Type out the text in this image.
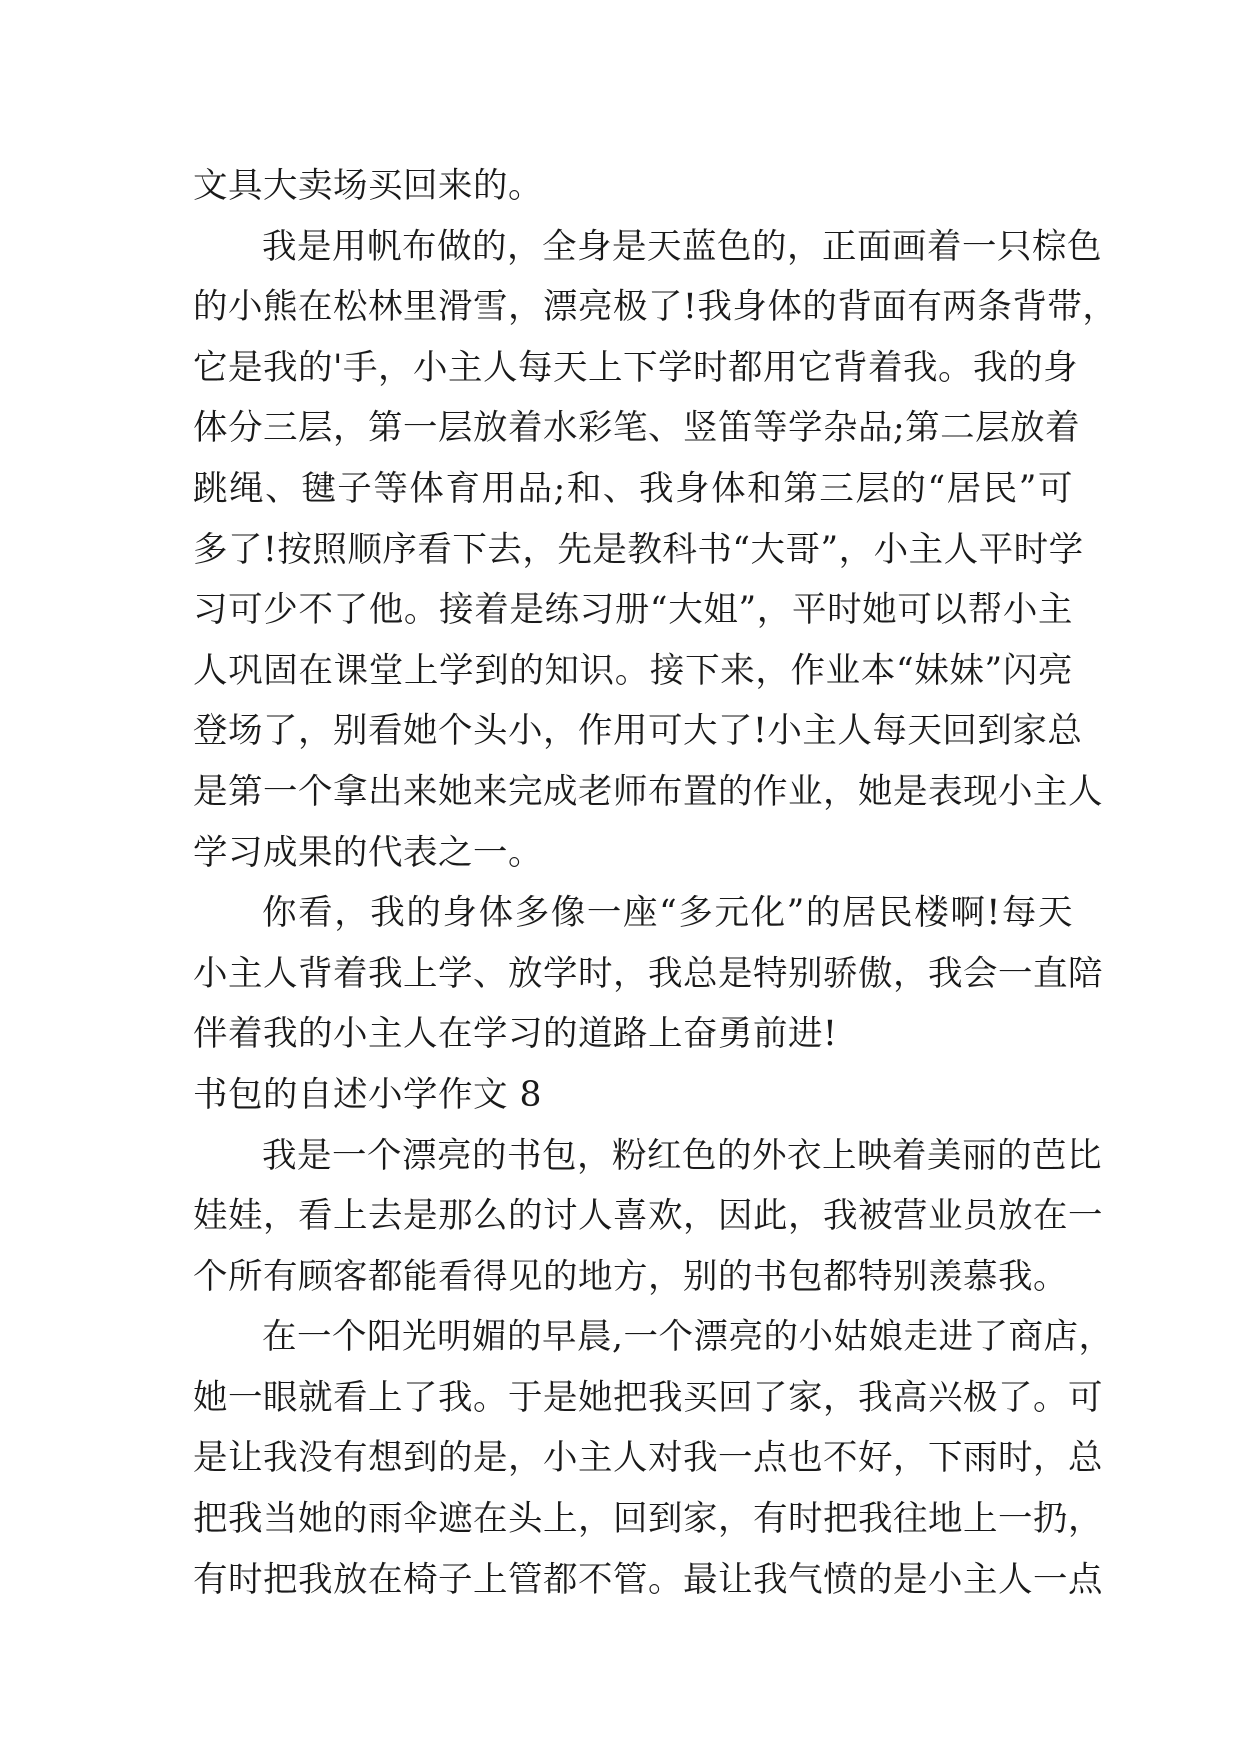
文具大卖场买回来的。
我是用帆布做的，全身是天蓝色的，正面画着一只棕色
的小熊在松林里滑雪，漂亮极了!我身体的背面有两条背带，
它是我的'手，小主人每天上下学时都用它背着我。我的身
体分三层，第一层放着水彩笔、竖笛等学杂品;第二层放着
跳绳、毽子等体育用品;和、我身体和第三层的“居民”可
多了!按照顺序看下去，先是教科书“大哥”，小主人平时学
习可少不了他。接着是练习册“大姐”，平时她可以帮小主
人巩固在课堂上学到的知识。接下来，作业本“妹妹”闪亮
登场了，别看她个头小，作用可大了!小主人每天回到家总
是第一个拿出来她来完成老师布置的作业，她是表现小主人
学习成果的代表之一。
你看，我的身体多像一座“多元化”的居民楼啊!每天
小主人背着我上学、放学时，我总是特别骄傲，我会一直陪
伴着我的小主人在学习的道路上奋勇前进!
书包的自述小学作文 8
我是一个漂亮的书包，粉红色的外衣上映着美丽的芭比
娃娃，看上去是那么的讨人喜欢，因此，我被营业员放在一
个所有顾客都能看得见的地方，别的书包都特别羡慕我。
在一个阳光明媚的早晨,一个漂亮的小姑娘走进了商店，
她一眼就看上了我。于是她把我买回了家，我高兴极了。可
是让我没有想到的是，小主人对我一点也不好，下雨时，总
把我当她的雨伞遮在头上，回到家，有时把我往地上一扔，
有时把我放在椅子上管都不管。最让我气愤的是小主人一点
